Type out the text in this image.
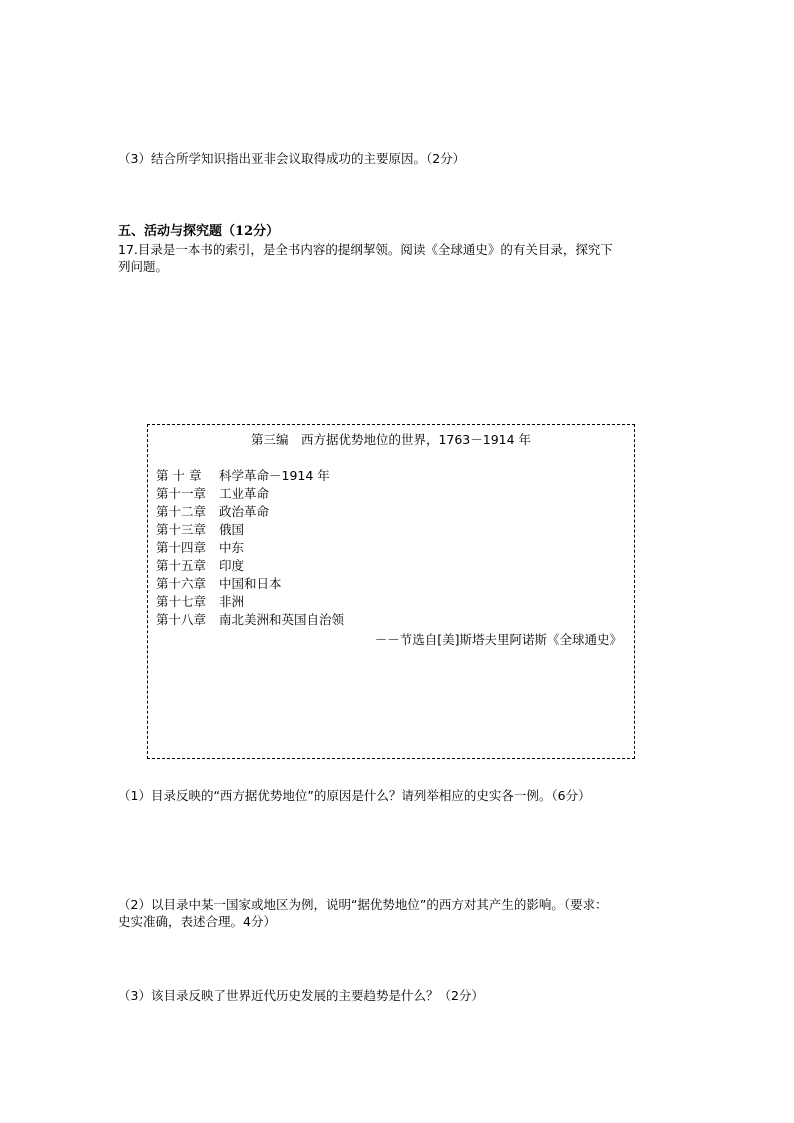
（3）结合所学知识指出亚非会议取得成功的主要原因。（2分）
五、活动与探究题（12分）
17.目录是一本书的索引，是全书内容的提纲挈领。阅读《全球通史》的有关目录，探究下
列问题。
第三编　西方据优势地位的世界，1763－1914 年
第 十 章 科学革命－1914 年
第十一章 工业革命
第十二章 政治革命
第十三章 俄国
第十四章 中东
第十五章 印度
第十六章 中国和日本
第十七章 非洲
第十八章 南北美洲和英国自治领
－－节选自[美]斯塔夫里阿诺斯《全球通史》
（1）目录反映的“西方据优势地位”的原因是什么？请列举相应的史实各一例。（6分）
（2）以目录中某一国家或地区为例，说明“据优势地位”的西方对其产生的影响。（要求：
史实准确，表述合理。4分）
（3）该目录反映了世界近代历史发展的主要趋势是什么？（2分）
